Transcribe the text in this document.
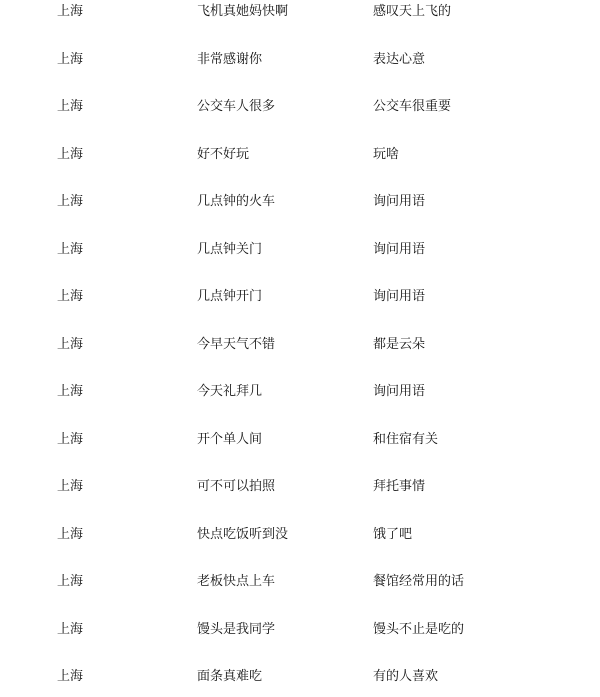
上海	飞机真她妈快啊	感叹天上飞的
上海	非常感谢你	表达心意
上海	公交车人很多	公交车很重要
上海	好不好玩	玩啥
上海	几点钟的火车	询问用语
上海	几点钟关门	询问用语
上海	几点钟开门	询问用语
上海	今早天气不错	都是云朵
上海	今天礼拜几	询问用语
上海	开个单人间	和住宿有关
上海	可不可以拍照	拜托事情
上海	快点吃饭听到没	饿了吧
上海	老板快点上车	餐馆经常用的话
上海	馒头是我同学	馒头不止是吃的
上海	面条真难吃	有的人喜欢
